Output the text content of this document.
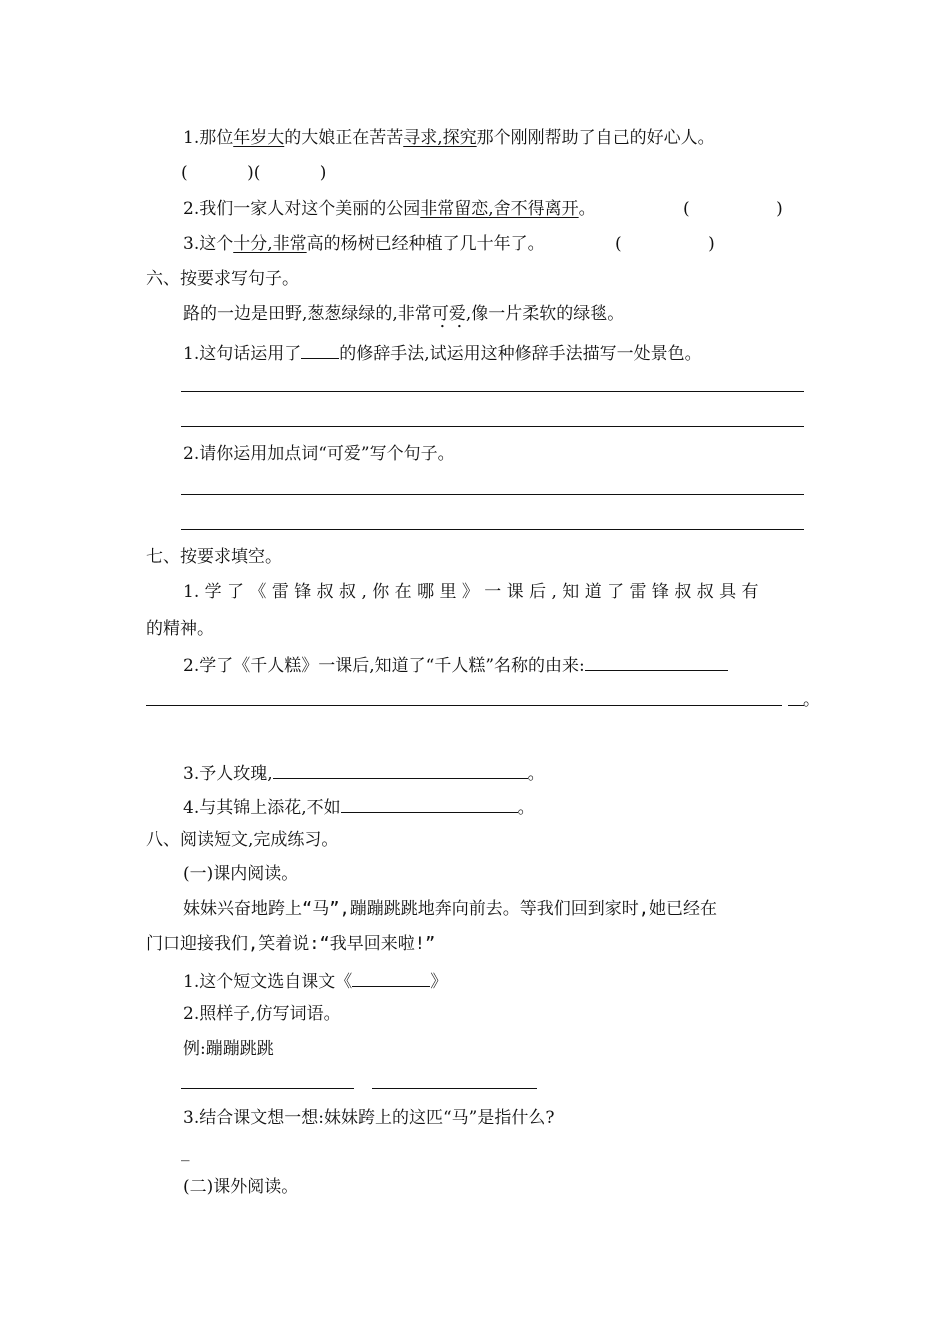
1.那位年岁大的大娘正在苦苦寻求,探究那个刚刚帮助了自己的好心人。
(           )(           )
2.我们一家人对这个美丽的公园非常留恋,舍不得离开。	(                )
3.这个十分,非常高的杨树已经种植了几十年了。	(                )
六、按要求写句子。
路的一边是田野,葱葱绿绿的,非常可爱,像一片柔软的绿毯。
1.这句话运用了 的修辞手法,试运用这种修辞手法描写一处景色。
2.请你运用加点词“可爱”写个句子。
七、按要求填空。
1. 学 了 《 雷 锋 叔 叔 , 你 在 哪 里 》 一 课 后 , 知 道 了 雷 锋 叔 叔 具 有
的精神。
2.学了《千人糕》一课后,知道了“千人糕”名称的由来:
。
3.予人玫瑰,	。
4.与其锦上添花,不如	。
八、阅读短文,完成练习。
(一)课内阅读。
妹妹兴奋地跨上“马”,蹦蹦跳跳地奔向前去。等我们回到家时,她已经在
门口迎接我们,笑着说:“我早回来啦!”
1.这个短文选自课文《	》
2.照样子,仿写词语。
例:蹦蹦跳跳
3.结合课文想一想:妹妹跨上的这匹“马”是指什么?
_
(二)课外阅读。
